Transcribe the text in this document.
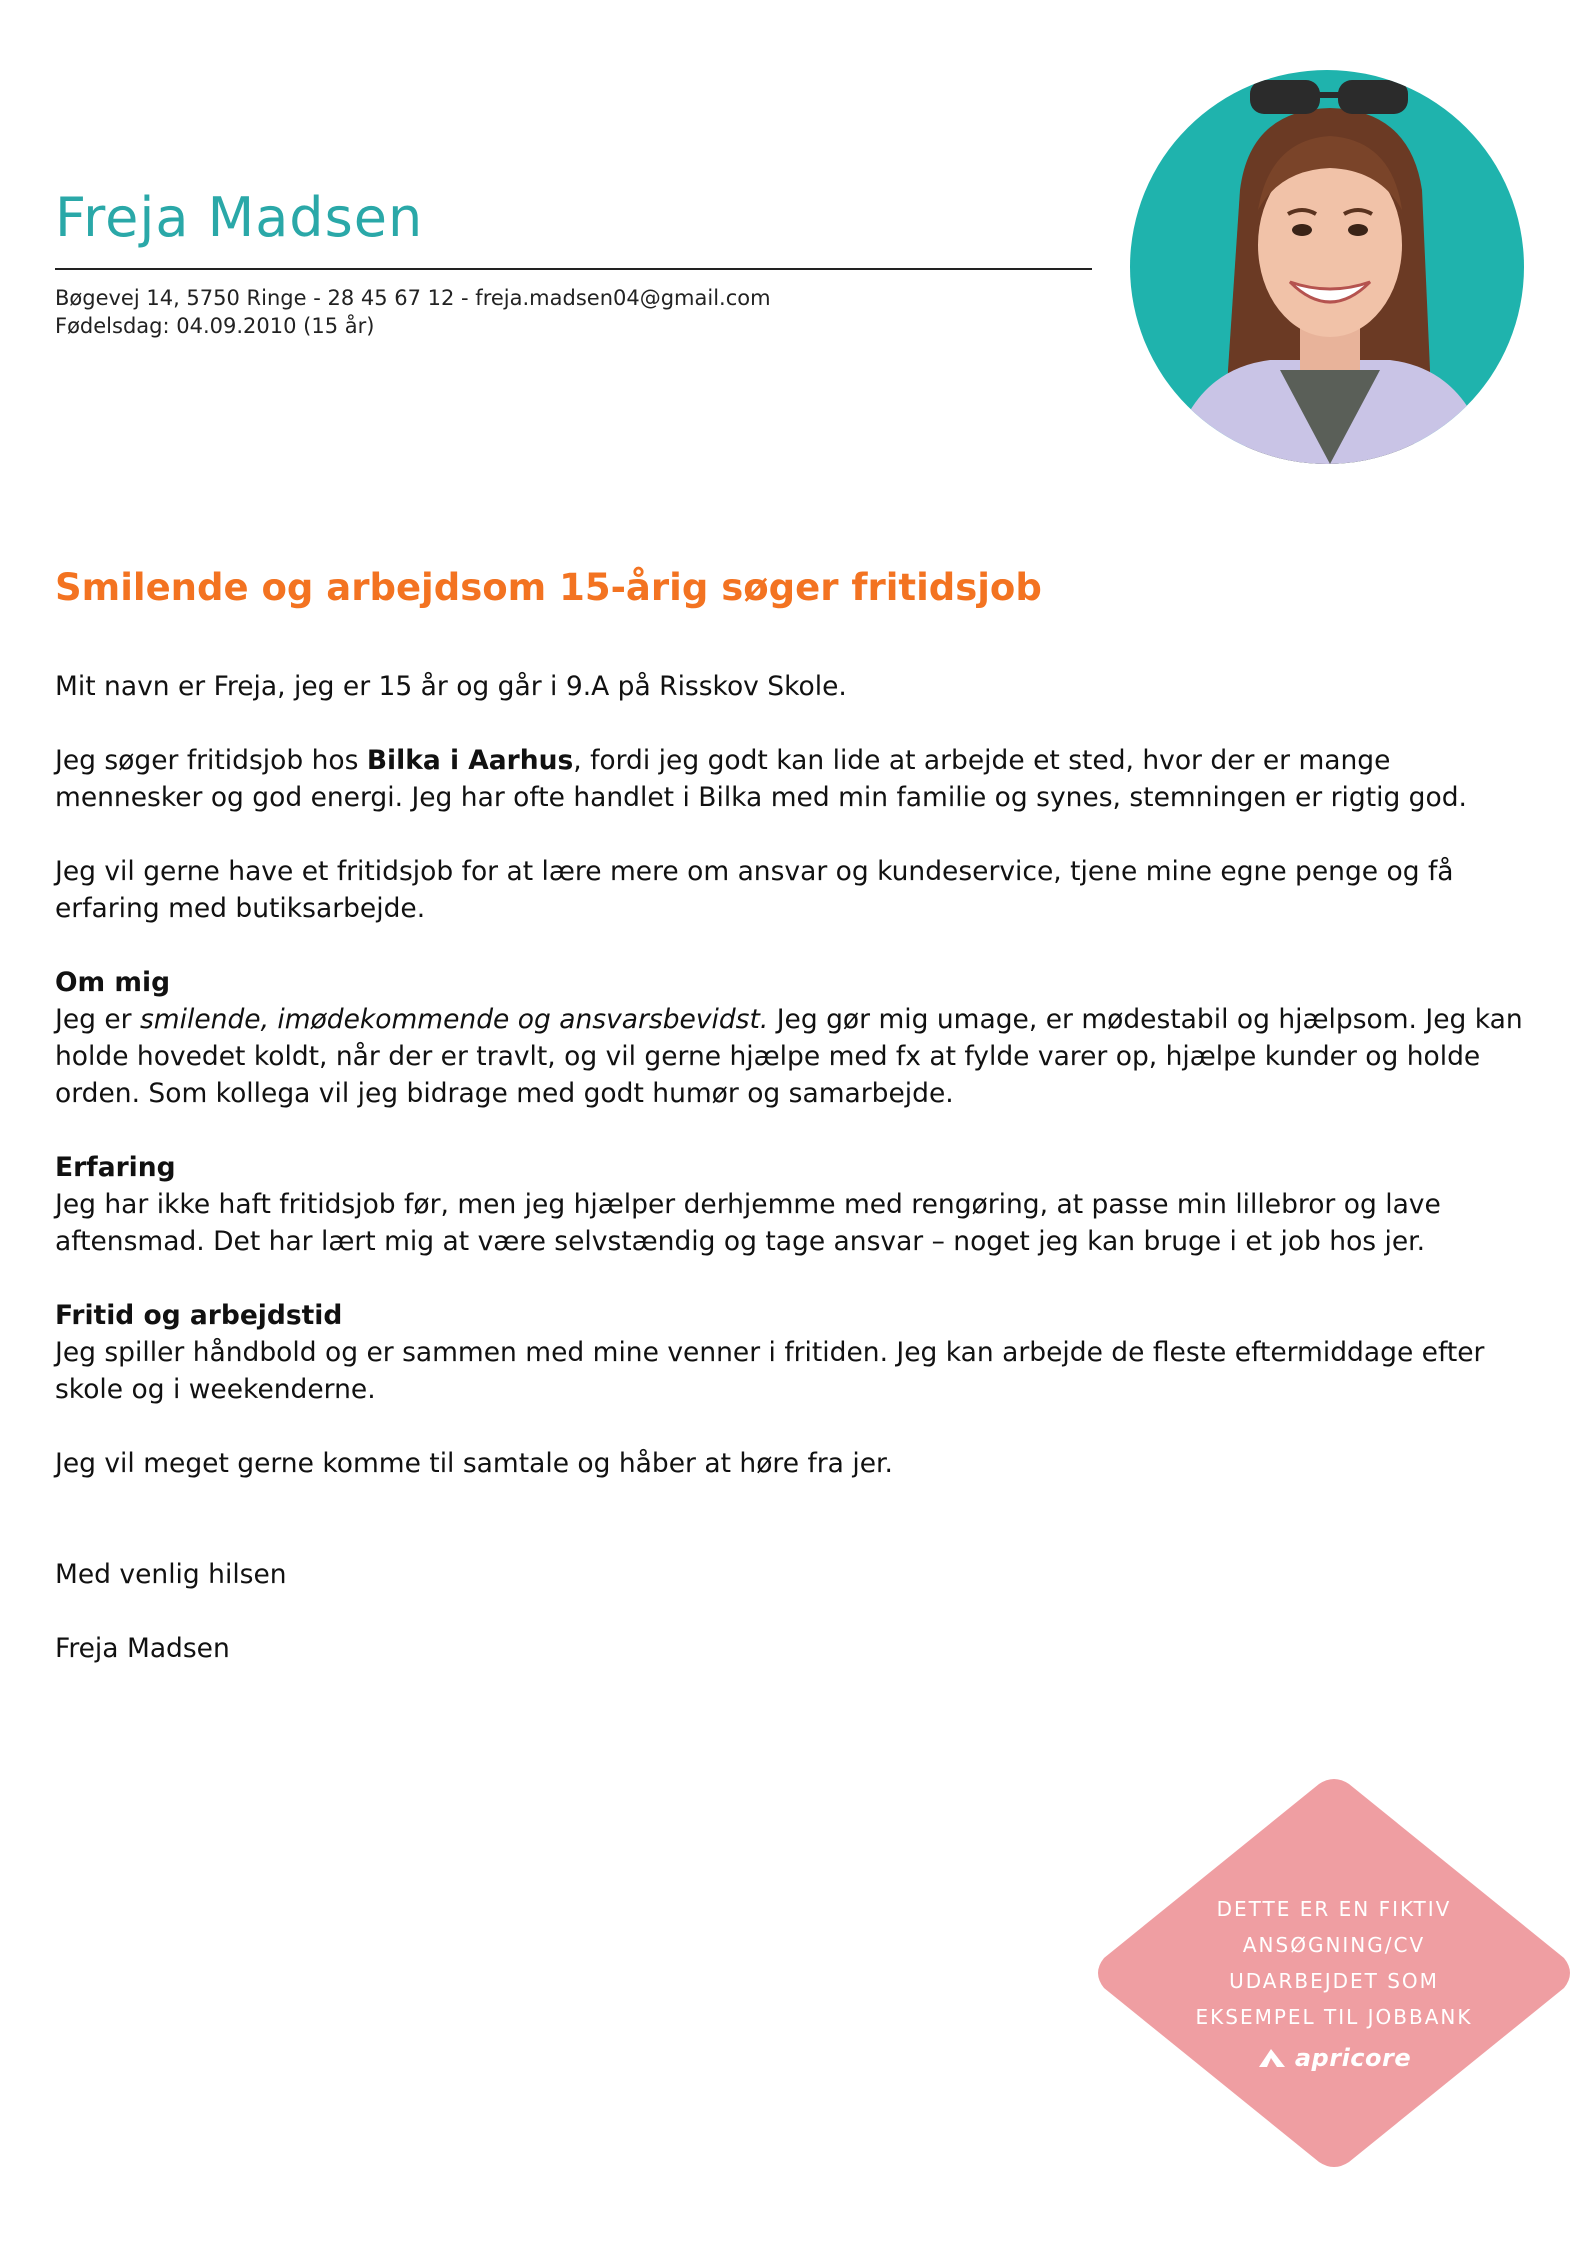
Freja Madsen
Bøgevej 14, 5750 Ringe - 28 45 67 12 - freja.madsen04@gmail.com
Fødelsdag: 04.09.2010 (15 år)
Smilende og arbejdsom 15-årig søger fritidsjob

Mit navn er Freja, jeg er 15 år og går i 9.A på Risskov Skole.

Jeg søger fritidsjob hos Bilka i Aarhus, fordi jeg godt kan lide at arbejde et sted, hvor der er mange mennesker og god energi. Jeg har ofte handlet i Bilka med min familie og synes, stemningen er rigtig god.

Jeg vil gerne have et fritidsjob for at lære mere om ansvar og kundeservice, tjene mine egne penge og få erfaring med butiksarbejde.

Om mig

Jeg er smilende, imødekommende og ansvarsbevidst. Jeg gør mig umage, er mødestabil og hjælpsom. Jeg kan holde hovedet koldt, når der er travlt, og vil gerne hjælpe med fx at fylde varer op, hjælpe kunder og holde orden. Som kollega vil jeg bidrage med godt humør og samarbejde.

Erfaring

Jeg har ikke haft fritidsjob før, men jeg hjælper derhjemme med rengøring, at passe min lillebror og lave aftensmad. Det har lært mig at være selvstændig og tage ansvar – noget jeg kan bruge i et job hos jer.

Fritid og arbejdstid

Jeg spiller håndbold og er sammen med mine venner i fritiden. Jeg kan arbejde de fleste eftermiddage efter skole og i weekenderne.

Jeg vil meget gerne komme til samtale og håber at høre fra jer.

Med venlig hilsen

Freja Madsen

DETTE ER EN FIKTIV
ANSØGNING/CV
UDARBEJDET SOM
EKSEMPEL TIL JOBBANK
apricore
